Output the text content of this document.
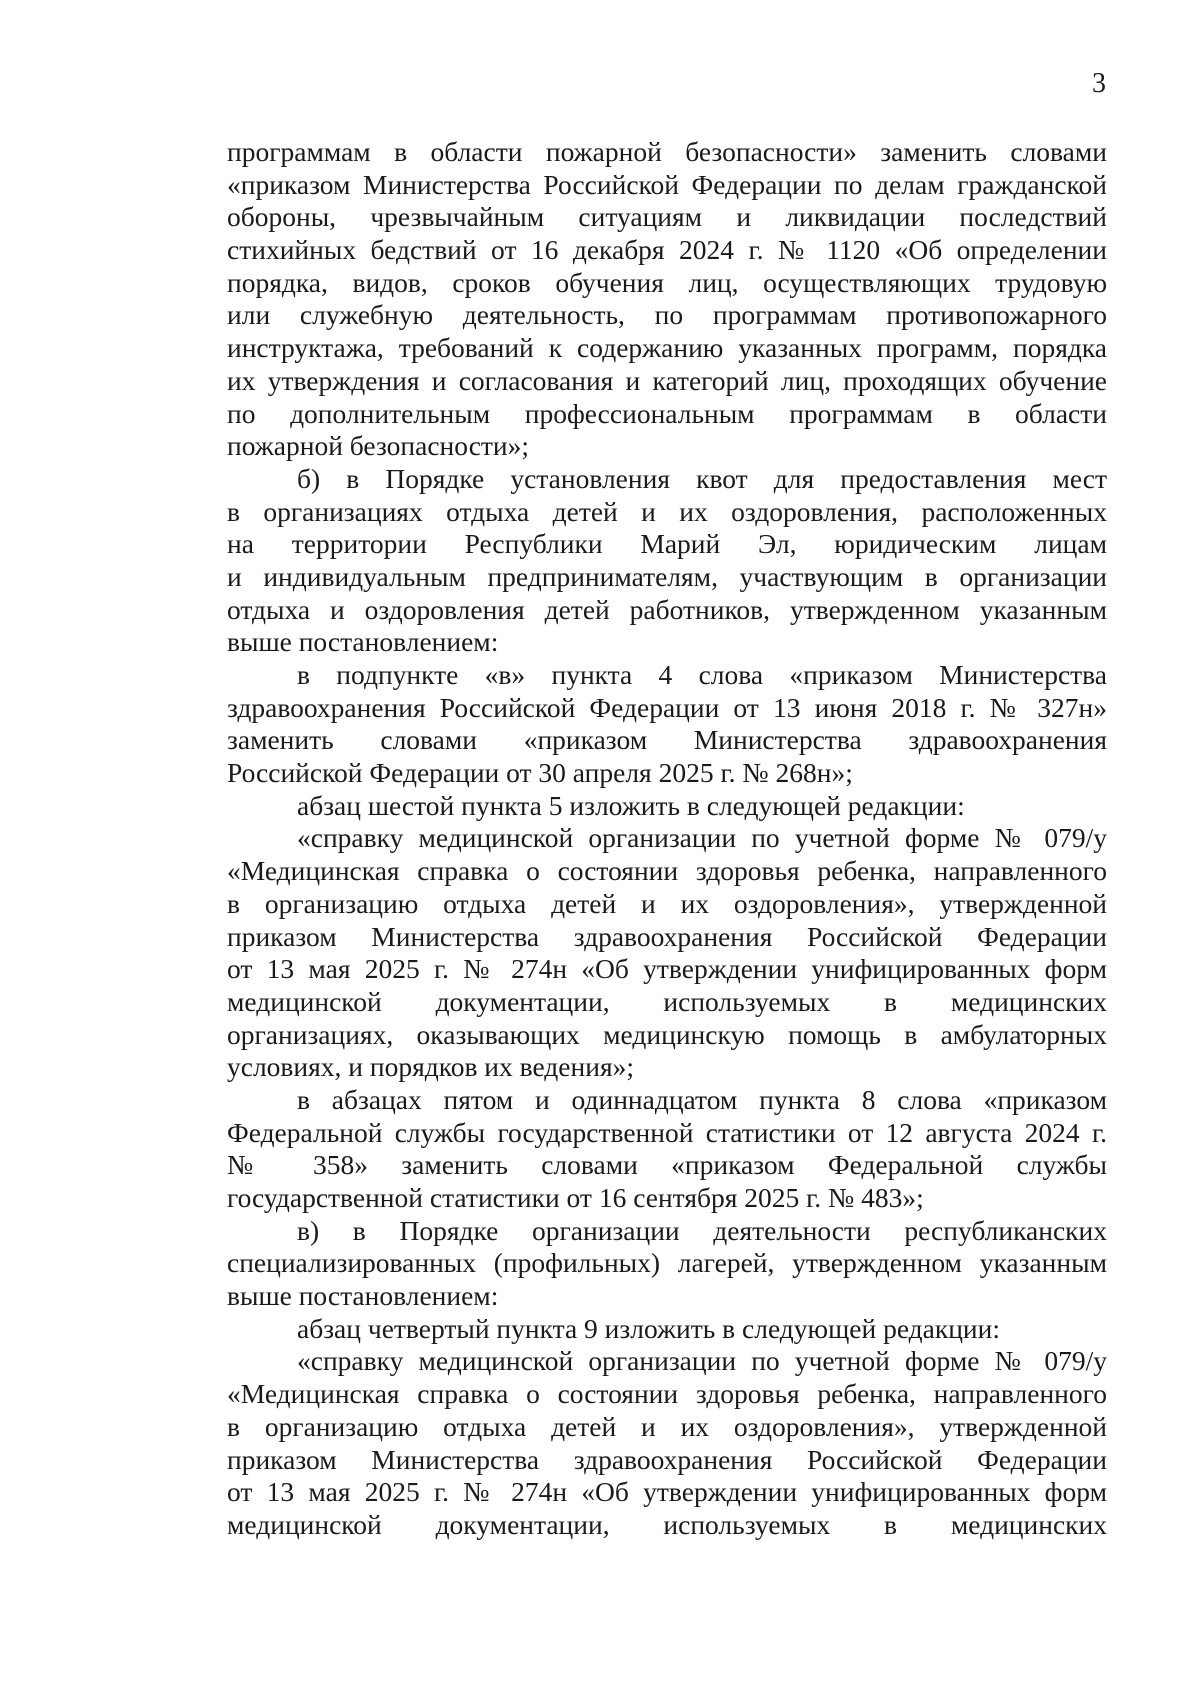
3
программам в области пожарной безопасности» заменить словами
«приказом Министерства Российской Федерации по делам гражданской
обороны, чрезвычайным ситуациям и ликвидации последствий
стихийных бедствий от 16 декабря 2024 г. № 1120 «Об определении
порядка, видов, сроков обучения лиц, осуществляющих трудовую
или служебную деятельность, по программам противопожарного
инструктажа, требований к содержанию указанных программ, порядка
их утверждения и согласования и категорий лиц, проходящих обучение
по дополнительным профессиональным программам в области
пожарной безопасности»;
б) в Порядке установления квот для предоставления мест
в организациях отдыха детей и их оздоровления, расположенных
на территории Республики Марий Эл, юридическим лицам
и индивидуальным предпринимателям, участвующим в организации
отдыха и оздоровления детей работников, утвержденном указанным
выше постановлением:
в подпункте «в» пункта 4 слова «приказом Министерства
здравоохранения Российской Федерации от 13 июня 2018 г. № 327н»
заменить словами «приказом Министерства здравоохранения
Российской Федерации от 30 апреля 2025 г. № 268н»;
абзац шестой пункта 5 изложить в следующей редакции:
«справку медицинской организации по учетной форме № 079/у
«Медицинская справка о состоянии здоровья ребенка, направленного
в организацию отдыха детей и их оздоровления», утвержденной
приказом Министерства здравоохранения Российской Федерации
от 13 мая 2025 г. № 274н «Об утверждении унифицированных форм
медицинской документации, используемых в медицинских
организациях, оказывающих медицинскую помощь в амбулаторных
условиях, и порядков их ведения»;
в абзацах пятом и одиннадцатом пункта 8 слова «приказом
Федеральной службы государственной статистики от 12 августа 2024 г.
№ 358» заменить словами «приказом Федеральной службы
государственной статистики от 16 сентября 2025 г. № 483»;
в) в Порядке организации деятельности республиканских
специализированных (профильных) лагерей, утвержденном указанным
выше постановлением:
абзац четвертый пункта 9 изложить в следующей редакции:
«справку медицинской организации по учетной форме № 079/у
«Медицинская справка о состоянии здоровья ребенка, направленного
в организацию отдыха детей и их оздоровления», утвержденной
приказом Министерства здравоохранения Российской Федерации
от 13 мая 2025 г. № 274н «Об утверждении унифицированных форм
медицинской документации, используемых в медицинских
